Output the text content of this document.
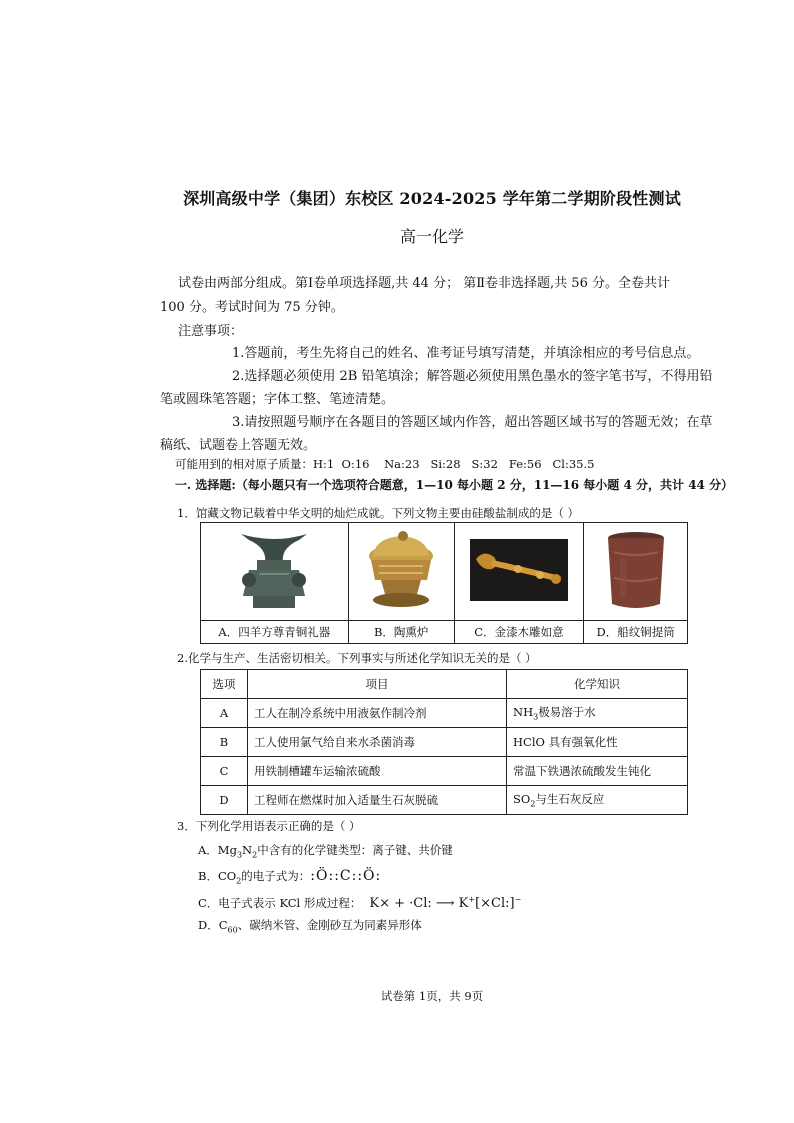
深圳高级中学（集团）东校区 2024-2025 学年第二学期阶段性测试
高一化学
试卷由两部分组成。第Ⅰ卷单项选择题,共 44 分； 第Ⅱ卷非选择题,共 56 分。全卷共计
100 分。考试时间为 75 分钟。
注意事项：
1.答题前，考生先将自己的姓名、准考证号填写清楚，并填涂相应的考号信息点。
2.选择题必须使用 2B 铅笔填涂；解答题必须使用黑色墨水的签字笔书写，不得用铅
笔或圆珠笔答题；字体工整、笔迹清楚。
3.请按照题号顺序在各题目的答题区域内作答，超出答题区域书写的答题无效；在草
稿纸、试题卷上答题无效。
可能用到的相对原子质量：H:1  O:16    Na:23   Si:28   S:32   Fe:56   Cl:35.5
一. 选择题:（每小题只有一个选项符合题意，1—10 每小题 2 分，11—16 每小题 4 分，共计 44 分）
1．馆藏文物记载着中华文明的灿烂成就。下列文物主要由硅酸盐制成的是（ ）

A．四羊方尊青铜礼器	B．陶熏炉	C．金漆木雕如意	D．船纹铜提筒
2.化学与生产、生活密切相关。下列事实与所述化学知识无关的是（ ）
选项	项目	化学知识
A	工人在制冷系统中用液氨作制冷剂	$NH_3$极易溶于水
B	工人使用氯气给自来水杀菌消毒	HClO 具有强氧化性
C	用铁制槽罐车运输浓硫酸	常温下铁遇浓硫酸发生钝化
D	工程师在燃煤时加入适量生石灰脱硫	$SO_2$与生石灰反应
3．下列化学用语表示正确的是（ ）
A．$Mg_3N_2$中含有的化学键类型：离子键、共价键
B．$CO_2$的电子式为：:Ö::C::Ö:
C．电子式表示 KCl 形成过程： K× + ·Cl: ⟶ K+[×Cl:]−
D．$C_{60}$、碳纳米管、金刚砂互为同素异形体
试卷第 1页，共 9页
